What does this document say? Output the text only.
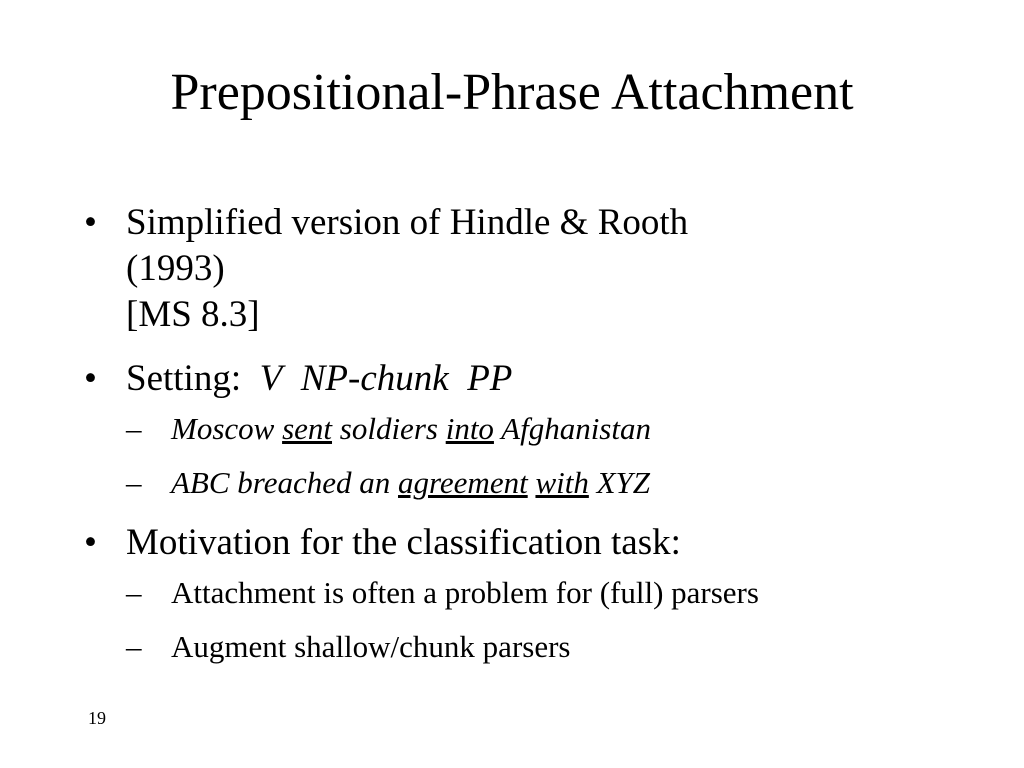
Prepositional-Phrase Attachment
• Simplified version of Hindle & Rooth
(1993)
[MS 8.3]
• Setting: V NP-chunk PP
– Moscow sent soldiers into Afghanistan
– ABC breached an agreement with XYZ
• Motivation for the classification task:
– Attachment is often a problem for (full) parsers
– Augment shallow/chunk parsers
19
